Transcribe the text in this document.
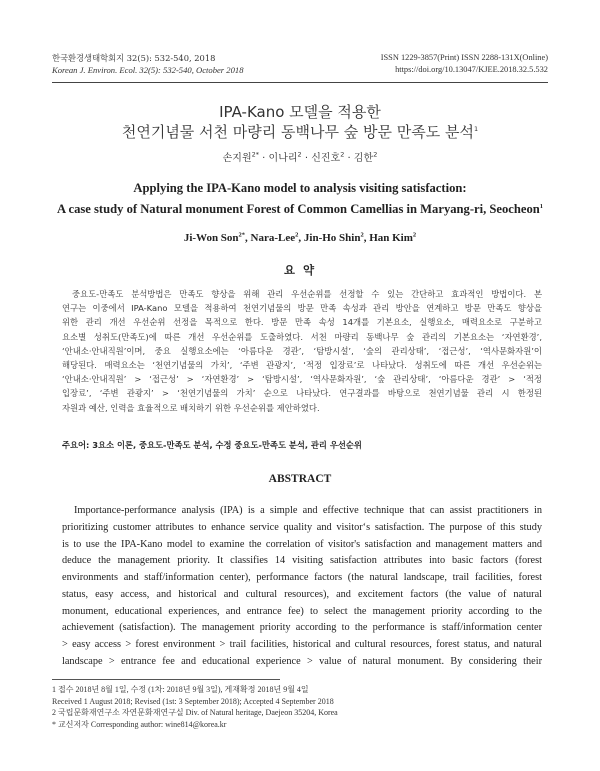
한국환경생태학회지 32(5): 532-540, 2018
Korean J. Environ. Ecol. 32(5): 532-540, October 2018
ISSN 1229-3857(Print) ISSN 2288-131X(Online)
https://doi.org/10.13047/KJEE.2018.32.5.532
IPA-Kano 모델을 적용한
천연기념물 서천 마량리 동백나무 숲 방문 만족도 분석$^1$
손지원$^{2*}$ · 이나리$^2$ · 신진호$^2$ · 김한$^2$
Applying the IPA-Kano model to analysis visiting satisfaction:
A case study of Natural monument Forest of Common Camellias in Maryang-ri, Seocheon$^1$
Ji-Won Son$^{2*}$, Nara-Lee$^2$, Jin-Ho Shin$^2$, Han Kim$^2$
요 약
중요도-만족도 분석방법은 만족도 향상을 위해 관리 우선순위를 선정할 수 있는 간단하고 효과적인 방법이다. 본
연구는 이중에서 IPA-Kano 모델을 적용하여 천연기념물의 방문 만족 속성과 관리 방안을 연계하고 방문 만족도 향상을
위한 관리 개선 우선순위 선정을 목적으로 한다. 방문 만족 속성 14개를 기본요소, 실행요소, 매력요소로 구분하고
요소별 성취도(만족도)에 따른 개선 우선순위를 도출하였다. 서천 마량리 동백나무 숲 관리의 기본요소는 ‘자연환경’,
‘안내소·안내직원’이며, 중요 실행요소에는 ‘아름다운 경관’, ‘탐방시설’, ‘숲의 관리상태’, ‘접근성’, ‘역사문화자원’이
해당된다. 매력요소는 ‘천연기념물의 가치’, ‘주변 관광지’, ‘적정 입장료’로 나타났다. 성취도에 따른 개선 우선순위는
‘안내소·안내직원’ > ‘접근성’ > ‘자연환경’ > ‘탐방시설’, ‘역사문화자원’, ‘숲 관리상태’, ‘아름다운 경관’ > ‘적정
입장료’, ‘주변 관광지’ > ‘천연기념물의 가치’ 순으로 나타났다. 연구결과를 바탕으로 천연기념물 관리 시 한정된
자원과 예산, 인력을 효율적으로 배치하기 위한 우선순위를 제안하였다.
주요어: 3요소 이론, 중요도-만족도 분석, 수정 중요도-만족도 분석, 관리 우선순위
ABSTRACT
Importance-performance analysis (IPA) is a simple and effective technique that can assist practitioners in
prioritizing customer attributes to enhance service quality and visitor‘s satisfaction. The purpose of this study
is to use the IPA-Kano model to examine the correlation of visitor's satisfaction and management matters and
deduce the management priority. It classifies 14 visiting satisfaction attributes into basic factors (forest
environments and staff/information center), performance factors (the natural landscape, trail facilities, forest
status, easy access, and historical and cultural resources), and excitement factors (the value of natural
monument, educational experiences, and entrance fee) to select the management priority according to the
achievement (satisfaction). The management priority according to the performance is staff/information center
> easy access > forest environment > trail facilities, historical and cultural resources, forest status, and natural
landscape > entrance fee and educational experience > value of natural monument. By considering their
1 접수 2018년 8월 1일, 수정 (1차: 2018년 9월 3일), 게재확정 2018년 9월 4일
Received 1 August 2018; Revised (1st: 3 September 2018); Accepted 4 September 2018
2 국립문화재연구소 자연문화재연구실 Div. of Natural heritage, Daejeon 35204, Korea
* 교신저자 Corresponding author: wine814@korea.kr
